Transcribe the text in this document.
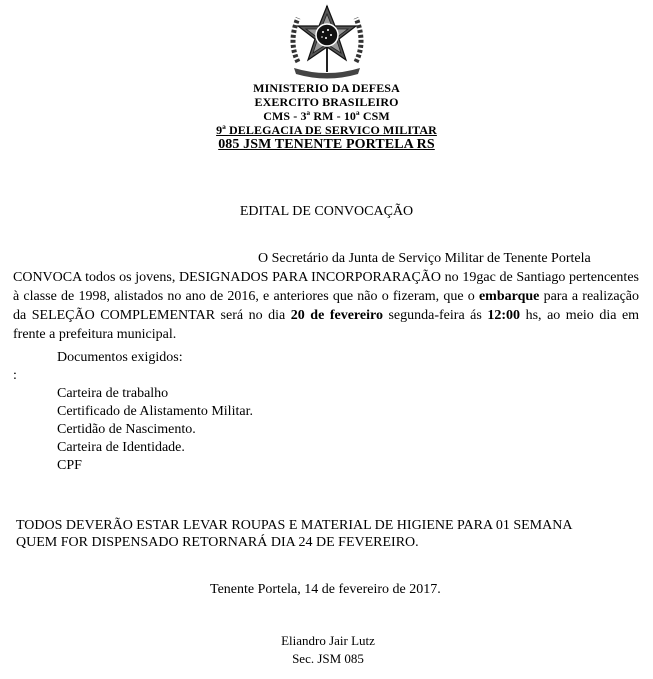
MINISTERIO DA DEFESA
EXERCITO BRASILEIRO
CMS - 3ª RM - 10ª CSM
9ª DELEGACIA DE SERVICO MILITAR
085 JSM TENENTE PORTELA RS
EDITAL DE CONVOCAÇÃO
O Secretário da Junta de Serviço Militar de Tenente Portela
CONVOCA todos os jovens, DESIGNADOS PARA INCORPORARAÇÃO no 19gac de Santiago pertencentes à classe de 1998, alistados no ano de 2016, e anteriores que não o fizeram, que o embarque para a realização da SELEÇÃO COMPLEMENTAR será no dia 20 de fevereiro segunda-feira ás 12:00 hs, ao meio dia em frente a prefeitura municipal.
Documentos exigidos:
:
Carteira de trabalho
Certificado de Alistamento Militar.
Certidão de Nascimento.
Carteira de Identidade.
CPF
TODOS DEVERÃO ESTAR LEVAR ROUPAS E MATERIAL DE HIGIENE PARA 01 SEMANA
QUEM FOR DISPENSADO RETORNARÁ DIA 24 DE FEVEREIRO.
Tenente Portela, 14 de fevereiro de 2017.
Eliandro Jair Lutz
Sec. JSM 085
